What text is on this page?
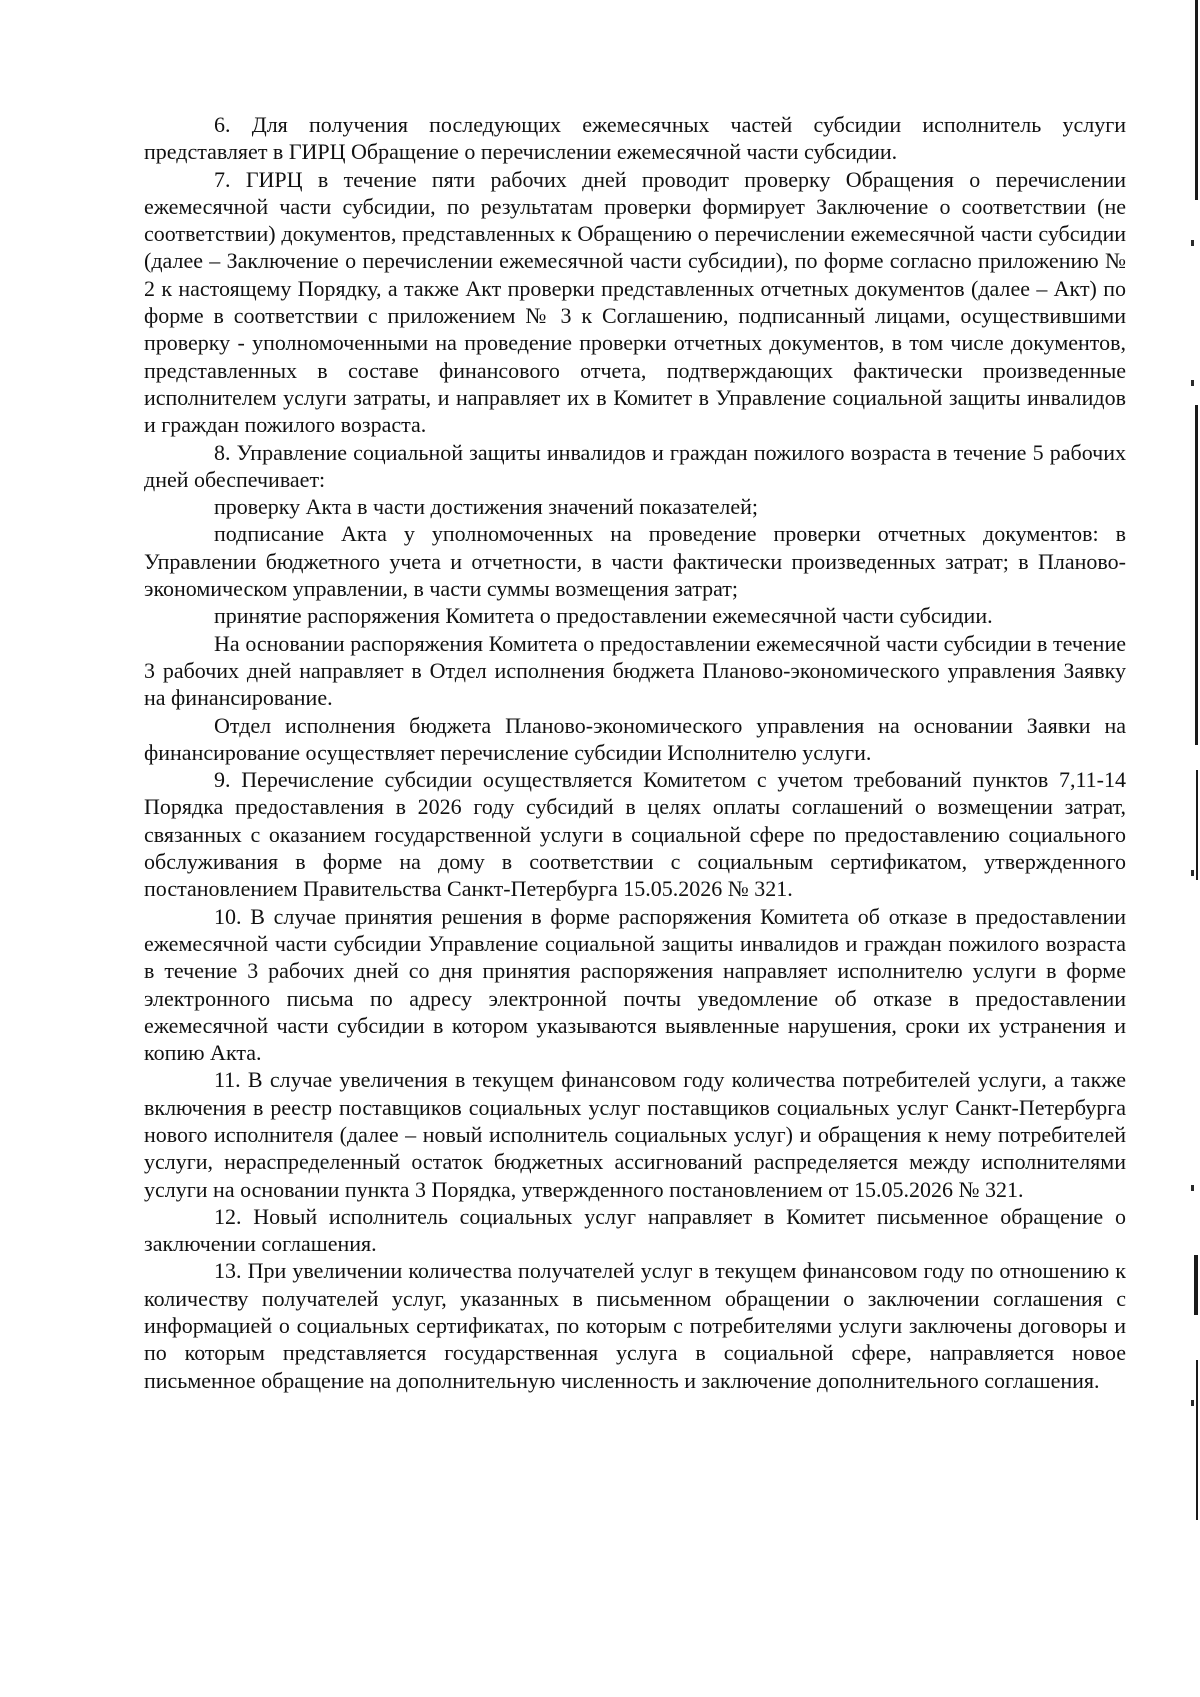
6. Для получения последующих ежемесячных частей субсидии исполнитель услуги представляет в ГИРЦ Обращение о перечислении ежемесячной части субсидии.

7. ГИРЦ в течение пяти рабочих дней проводит проверку Обращения о перечислении ежемесячной части субсидии, по результатам проверки формирует Заключение о соответствии (не соответствии) документов, представленных к Обращению о перечислении ежемесячной части субсидии (далее – Заключение о перечислении ежемесячной части субсидии), по форме согласно приложению № 2 к настоящему Порядку, а также Акт проверки представленных отчетных документов (далее – Акт) по форме в соответствии с приложением № 3 к Соглашению, подписанный лицами, осуществившими проверку - уполномоченными на проведение проверки отчетных документов, в том числе документов, представленных в составе финансового отчета, подтверждающих фактически произведенные исполнителем услуги затраты, и направляет их в Комитет в Управление социальной защиты инвалидов и граждан пожилого возраста.

8. Управление социальной защиты инвалидов и граждан пожилого возраста в течение 5 рабочих дней обеспечивает:

проверку Акта в части достижения значений показателей;

подписание Акта у уполномоченных на проведение проверки отчетных документов: в Управлении бюджетного учета и отчетности, в части фактически произведенных затрат; в Планово-экономическом управлении, в части суммы возмещения затрат;

принятие распоряжения Комитета о предоставлении ежемесячной части субсидии.

На основании распоряжения Комитета о предоставлении ежемесячной части субсидии в течение 3 рабочих дней направляет в Отдел исполнения бюджета Планово-экономического управления Заявку на финансирование.

Отдел исполнения бюджета Планово-экономического управления на основании Заявки на финансирование осуществляет перечисление субсидии Исполнителю услуги.

9. Перечисление субсидии осуществляется Комитетом с учетом требований пунктов 7,11-14 Порядка предоставления в 2026 году субсидий в целях оплаты соглашений о возмещении затрат, связанных с оказанием государственной услуги в социальной сфере по предоставлению социального обслуживания в форме на дому в соответствии с социальным сертификатом, утвержденного постановлением Правительства Санкт-Петербурга 15.05.2026 № 321.

10. В случае принятия решения в форме распоряжения Комитета об отказе в предоставлении ежемесячной части субсидии Управление социальной защиты инвалидов и граждан пожилого возраста в течение 3 рабочих дней со дня принятия распоряжения направляет исполнителю услуги в форме электронного письма по адресу электронной почты уведомление об отказе в предоставлении ежемесячной части субсидии в котором указываются выявленные нарушения, сроки их устранения и копию Акта.

11. В случае увеличения в текущем финансовом году количества потребителей услуги, а также включения в реестр поставщиков социальных услуг поставщиков социальных услуг Санкт-Петербурга нового исполнителя (далее – новый исполнитель социальных услуг) и обращения к нему потребителей услуги, нераспределенный остаток бюджетных ассигнований распределяется между исполнителями услуги на основании пункта 3 Порядка, утвержденного постановлением от 15.05.2026 № 321.

12. Новый исполнитель социальных услуг направляет в Комитет письменное обращение о заключении соглашения.

13. При увеличении количества получателей услуг в текущем финансовом году по отношению к количеству получателей услуг, указанных в письменном обращении о заключении соглашения с информацией о социальных сертификатах, по которым с потребителями услуги заключены договоры и по которым представляется государственная услуга в социальной сфере, направляется новое письменное обращение на дополнительную численность и заключение дополнительного соглашения.
